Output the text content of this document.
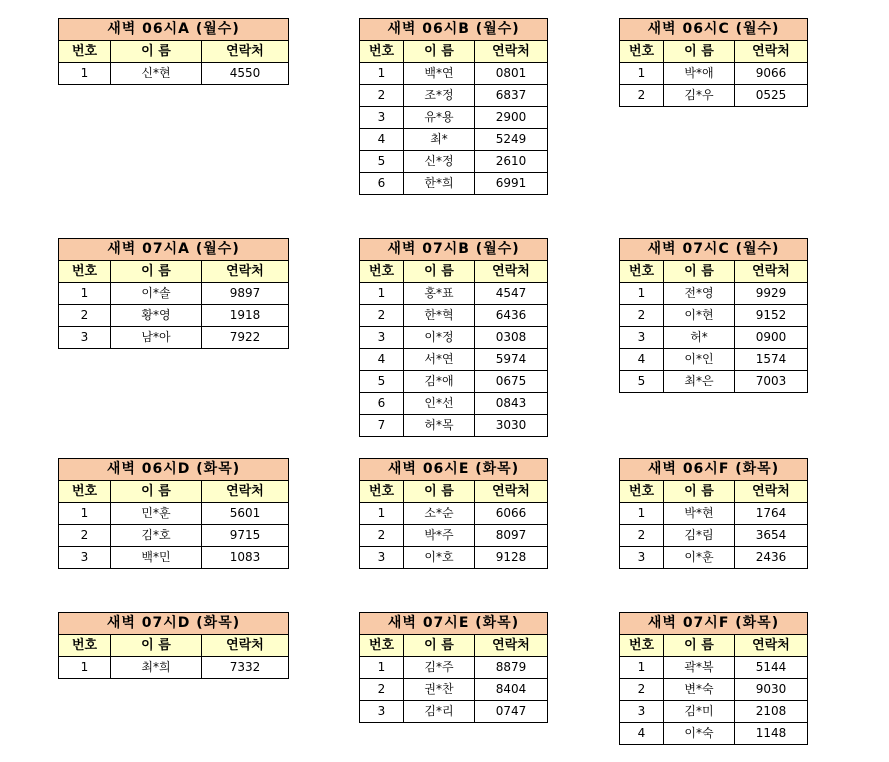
새벽 06시A (월수)		
번호	이 름	연락처
1	신*현	4550
새벽 06시B (월수)		
번호	이 름	연락처
1	백*연	0801
2	조*정	6837
3	유*용	2900
4	최*	5249
5	신*정	2610
6	한*희	6991
새벽 06시C (월수)		
번호	이 름	연락처
1	박*애	9066
2	김*우	0525
새벽 07시A (월수)		
번호	이 름	연락처
1	이*솔	9897
2	황*영	1918
3	남*아	7922
새벽 07시B (월수)		
번호	이 름	연락처
1	홍*표	4547
2	한*혁	6436
3	이*정	0308
4	서*연	5974
5	김*애	0675
6	인*선	0843
7	허*목	3030
새벽 07시C (월수)		
번호	이 름	연락처
1	전*영	9929
2	이*현	9152
3	허*	0900
4	이*인	1574
5	최*은	7003
새벽 06시D (화목)		
번호	이 름	연락처
1	민*훈	5601
2	김*호	9715
3	백*민	1083
새벽 06시E (화목)		
번호	이 름	연락처
1	소*순	6066
2	박*주	8097
3	이*호	9128
새벽 06시F (화목)		
번호	이 름	연락처
1	박*현	1764
2	김*림	3654
3	이*훈	2436
새벽 07시D (화목)		
번호	이 름	연락처
1	최*희	7332
새벽 07시E (화목)		
번호	이 름	연락처
1	김*주	8879
2	권*찬	8404
3	김*리	0747
새벽 07시F (화목)		
번호	이 름	연락처
1	곽*복	5144
2	변*숙	9030
3	김*미	2108
4	이*숙	1148
